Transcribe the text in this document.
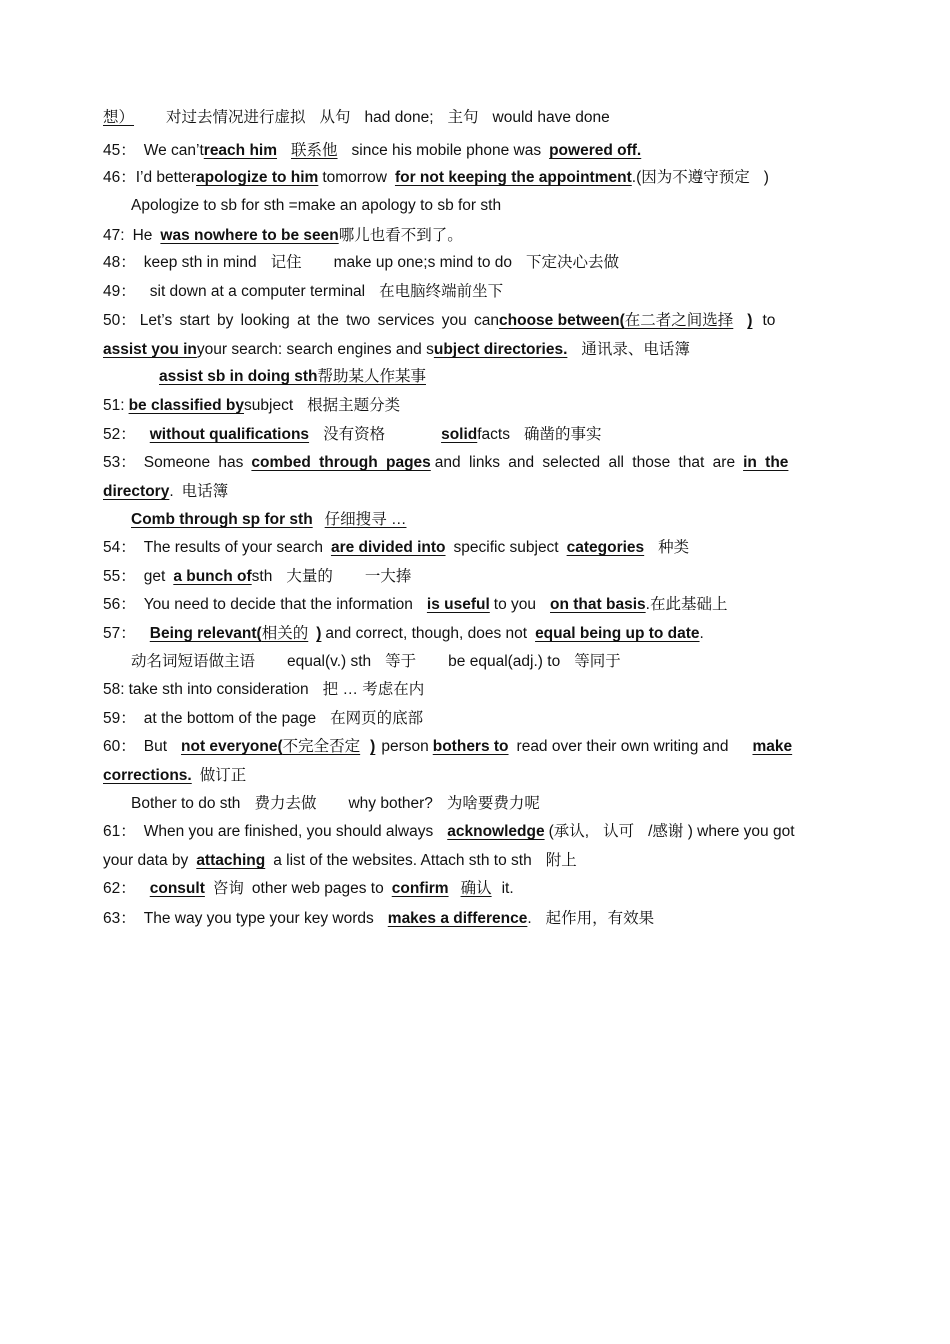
想） 对过去情况进行虚拟 从句 had done; 主句 would have done
45： We can’treach him 联系他 since his mobile phone was powered off.
46：I’d betterapologize to him tomorrow for not keeping the appointment.(因为不遵守预定 )
Apologize to sb for sth =make an apology to sb for sth
47: He was nowhere to be seen哪儿也看不到了。
48： keep sth in mind 记住 make up one;s mind to do 下定决心去做
49： sit down at a computer terminal 在电脑终端前坐下
50： Let’s start by looking at the two services you canchoose between(在二者之间选择 ) to
assist you inyour search: search engines and subject directories. 通讯录、电话簿
assist sb in doing sth帮助某人作某事
51: be classified bysubject 根据主题分类
52： without qualifications 没有资格	solidfacts 确凿的事实
53： Someone has combed through pages and links and selected all those that are in the
directory. 电话簿
Comb through sp for sth 仔细搜寻 …
54： The results of your search are divided into specific subject categories 种类
55： get a bunch ofsth 大量的 一大捧
56： You need to decide that the information is useful to you on that basis.在此基础上
57： Being relevant(相关的 ) and correct, though, does not equal being up to date.
动名词短语做主语 equal(v.) sth 等于 be equal(adj.) to 等同于
58: take sth into consideration 把 … 考虑在内
59： at the bottom of the page 在网页的底部
60： But not everyone(不完全否定 ) person bothers to read over their own writing and make
corrections. 做订正
Bother to do sth 费力去做 why bother? 为啥要费力呢
61： When you are finished, you should always acknowledge (承认, 认可 /感谢 ) where you got
your data by attaching a list of the websites. Attach sth to sth 附上
62： consult 咨询 other web pages to confirm 确认 it.
63： The way you type your key words makes a difference. 起作用，有效果
